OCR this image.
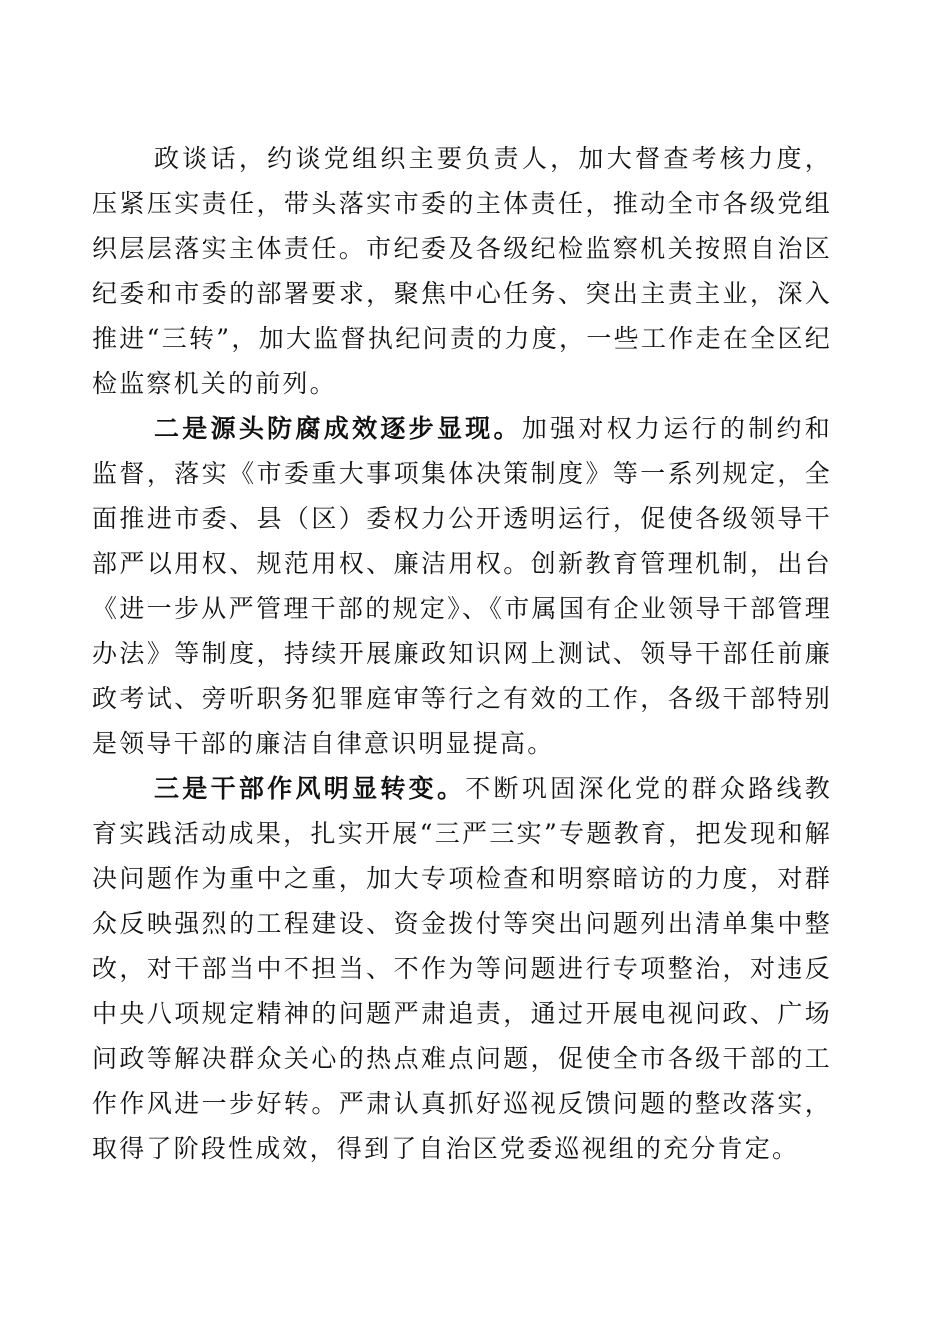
政谈话，约谈党组织主要负责人，加大督查考核力度，压紧压实责任，带头落实市委的主体责任，推动全市各级党组织层层落实主体责任。市纪委及各级纪检监察机关按照自治区纪委和市委的部署要求，聚焦中心任务、突出主责主业，深入推进“三转”，加大监督执纪问责的力度，一些工作走在全区纪检监察机关的前列。

二是源头防腐成效逐步显现。加强对权力运行的制约和监督，落实《市委重大事项集体决策制度》等一系列规定，全面推进市委、县（区）委权力公开透明运行，促使各级领导干部严以用权、规范用权、廉洁用权。创新教育管理机制，出台《进一步从严管理干部的规定》、《市属国有企业领导干部管理办法》等制度，持续开展廉政知识网上测试、领导干部任前廉政考试、旁听职务犯罪庭审等行之有效的工作，各级干部特别是领导干部的廉洁自律意识明显提高。

三是干部作风明显转变。不断巩固深化党的群众路线教育实践活动成果，扎实开展“三严三实”专题教育，把发现和解决问题作为重中之重，加大专项检查和明察暗访的力度，对群众反映强烈的工程建设、资金拨付等突出问题列出清单集中整改，对干部当中不担当、不作为等问题进行专项整治，对违反中央八项规定精神的问题严肃追责，通过开展电视问政、广场问政等解决群众关心的热点难点问题，促使全市各级干部的工作作风进一步好转。严肃认真抓好巡视反馈问题的整改落实，取得了阶段性成效，得到了自治区党委巡视组的充分肯定。
